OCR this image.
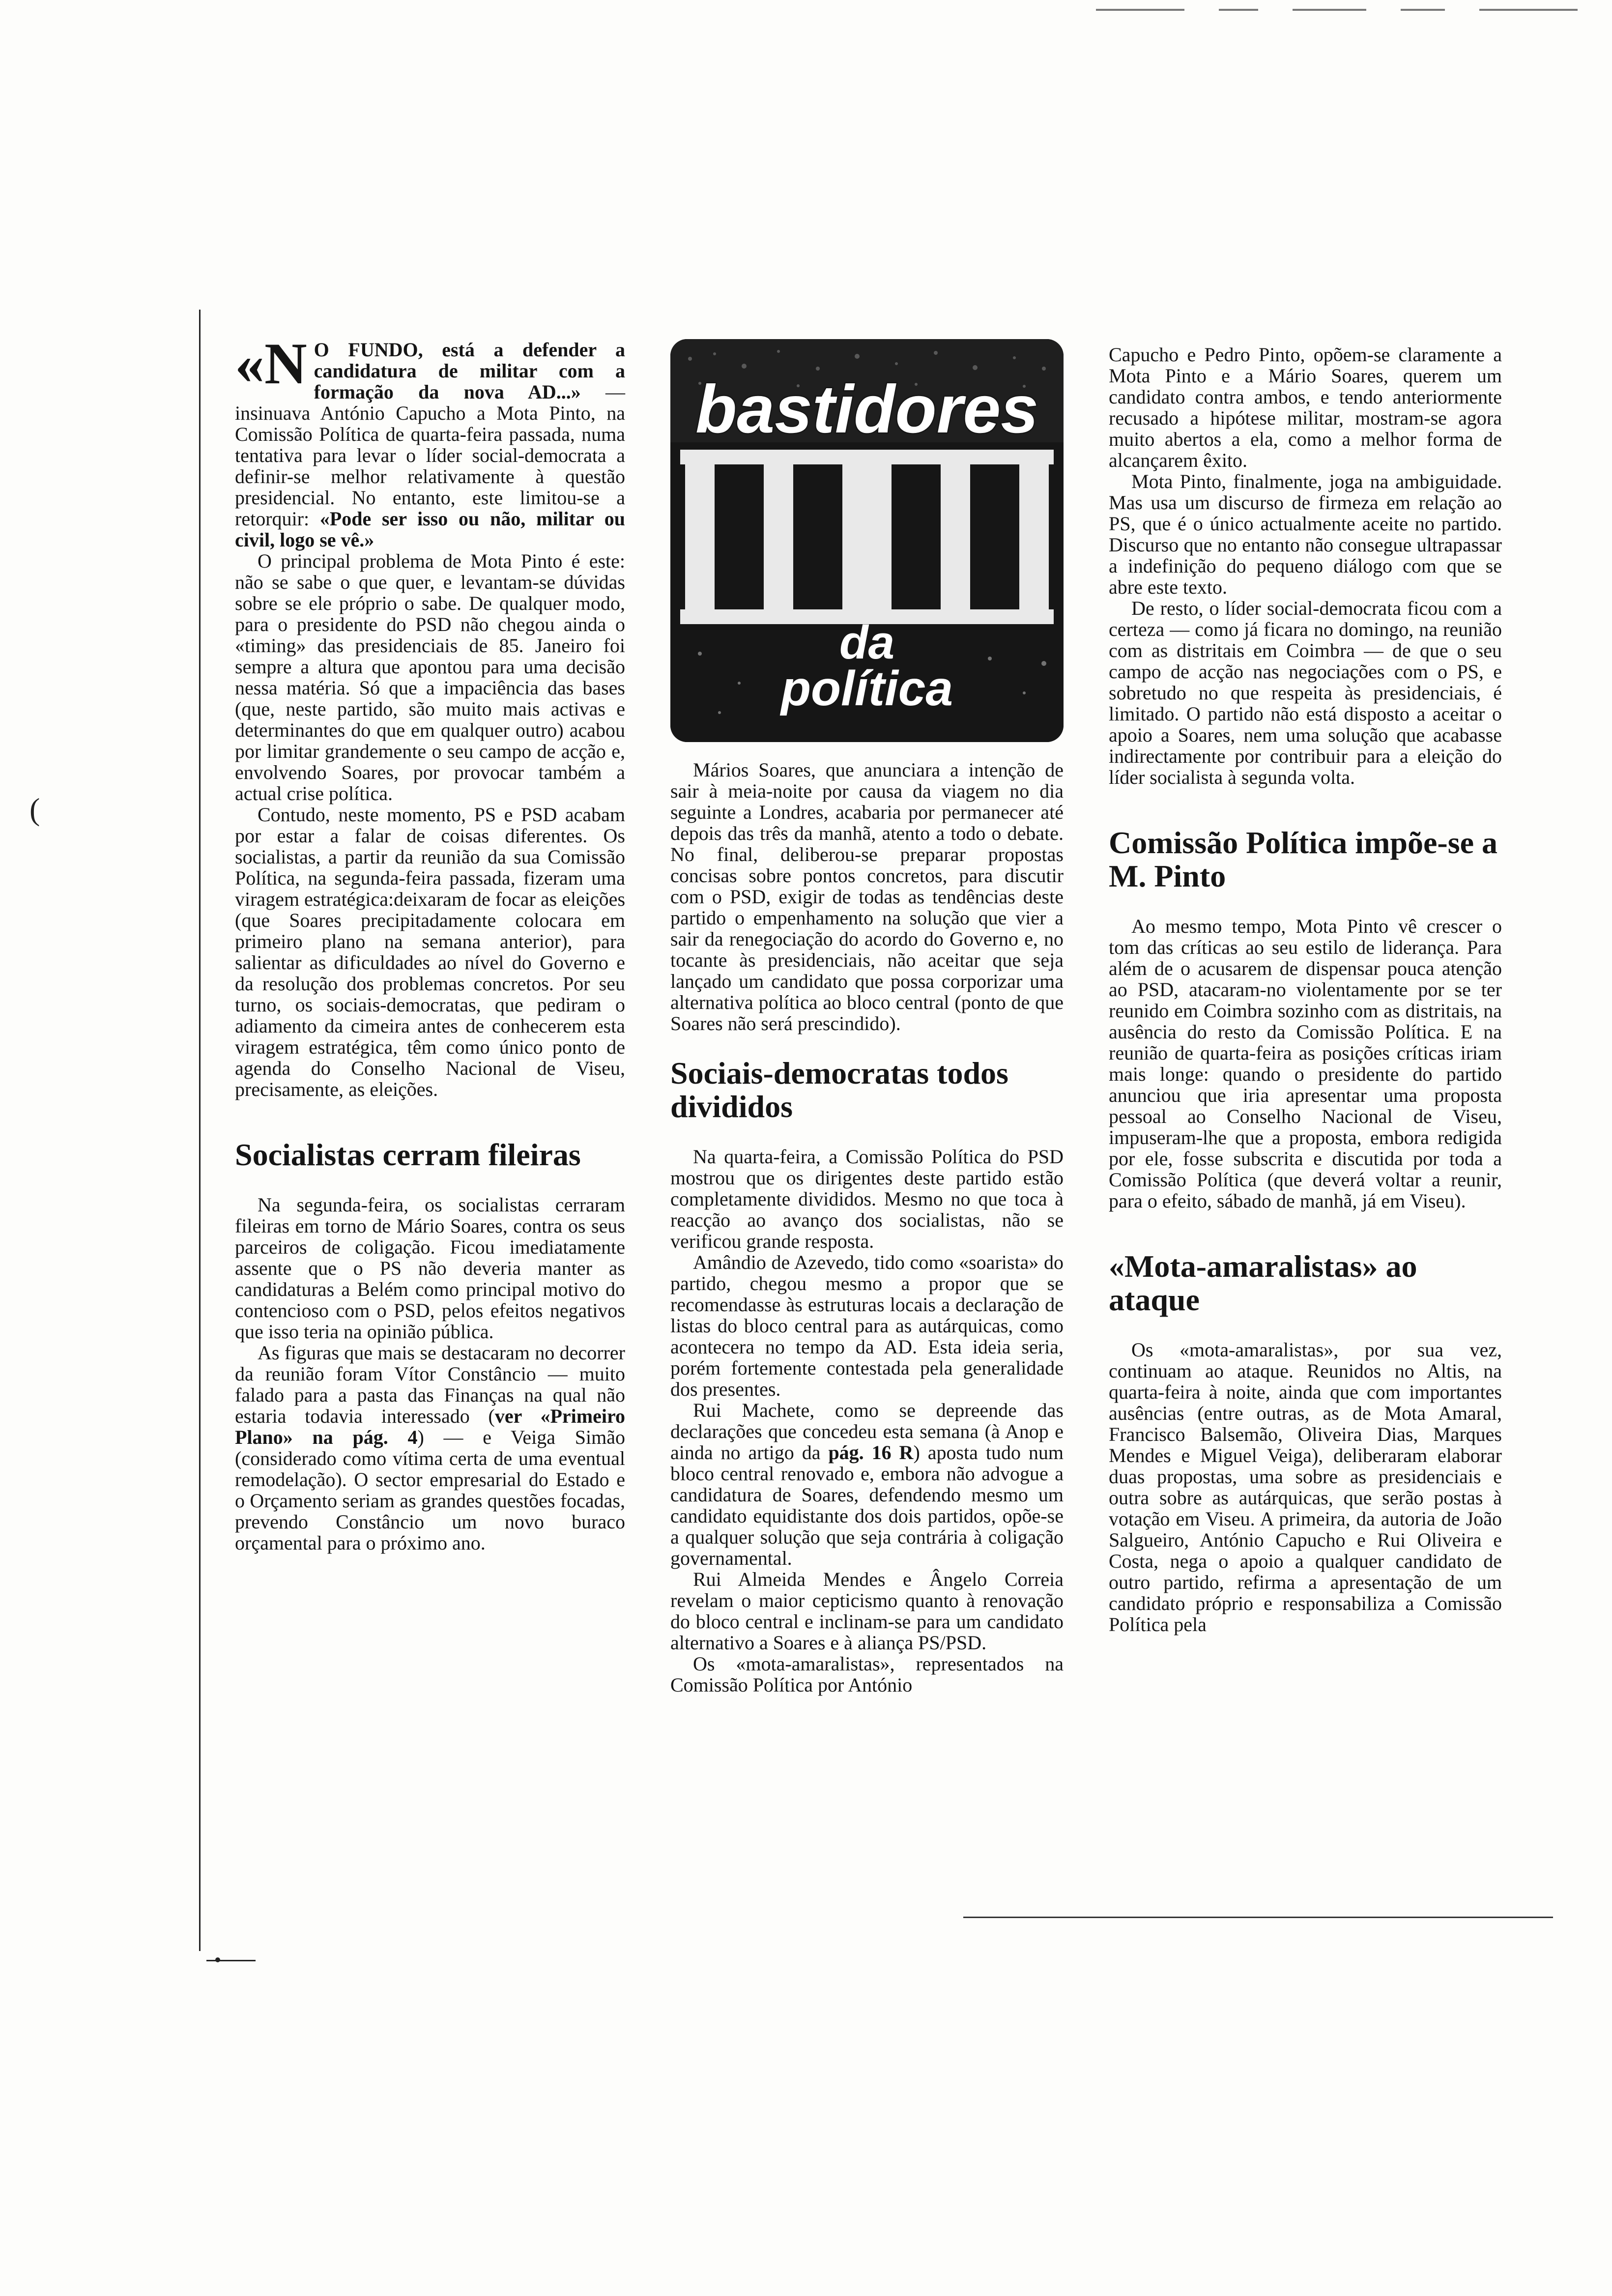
(

«N O FUNDO, está a defender a candidatura de militar com a formação da nova AD...» — insinuava António Capucho a Mota Pinto, na Comissão Política de quarta-feira passada, numa tentativa para levar o líder social-democrata a definir-se melhor relativamente à questão presidencial. No entanto, este limitou-se a retorquir: «Pode ser isso ou não, militar ou civil, logo se vê.»

O principal problema de Mota Pinto é este: não se sabe o que quer, e levantam-se dúvidas sobre se ele próprio o sabe. De qualquer modo, para o presidente do PSD não chegou ainda o «timing» das presidenciais de 85. Janeiro foi sempre a altura que apontou para uma decisão nessa matéria. Só que a impaciência das bases (que, neste partido, são muito mais activas e determinantes do que em qualquer outro) acabou por limitar grandemente o seu campo de acção e, envolvendo Soares, por provocar também a actual crise política.

Contudo, neste momento, PS e PSD acabam por estar a falar de coisas diferentes. Os socialistas, a partir da reunião da sua Comissão Política, na segunda-feira passada, fizeram uma viragem estratégica:deixaram de focar as eleições (que Soares precipitadamente colocara em primeiro plano na semana anterior), para salientar as dificuldades ao nível do Governo e da resolução dos problemas concretos. Por seu turno, os sociais-democratas, que pediram o adiamento da cimeira antes de conhecerem esta viragem estratégica, têm como único ponto de agenda do Conselho Nacional de Viseu, precisamente, as eleições.

Socialistas cerram fileiras

Na segunda-feira, os socialistas cerraram fileiras em torno de Mário Soares, contra os seus parceiros de coligação. Ficou imediatamente assente que o PS não deveria manter as candidaturas a Belém como principal motivo do contencioso com o PSD, pelos efeitos negativos que isso teria na opinião pública.

As figuras que mais se destacaram no decorrer da reunião foram Vítor Constâncio — muito falado para a pasta das Finanças na qual não estaria todavia interessado (ver «Primeiro Plano» na pág. 4) — e Veiga Simão (considerado como vítima certa de uma eventual remodelação). O sector empresarial do Estado e o Orçamento seriam as grandes questões focadas, prevendo Constâncio um novo buraco orçamental para o próximo ano.

bastidores
da
política

Mários Soares, que anunciara a intenção de sair à meia-noite por causa da viagem no dia seguinte a Londres, acabaria por permanecer até depois das três da manhã, atento a todo o debate. No final, deliberou-se preparar propostas concisas sobre pontos concretos, para discutir com o PSD, exigir de todas as tendências deste partido o empenhamento na solução que vier a sair da renegociação do acordo do Governo e, no tocante às presidenciais, não aceitar que seja lançado um candidato que possa corporizar uma alternativa política ao bloco central (ponto de que Soares não será prescindido).

Sociais-democratas todos divididos

Na quarta-feira, a Comissão Política do PSD mostrou que os dirigentes deste partido estão completamente divididos. Mesmo no que toca à reacção ao avanço dos socialistas, não se verificou grande resposta.

Amândio de Azevedo, tido como «soarista» do partido, chegou mesmo a propor que se recomendasse às estruturas locais a declaração de listas do bloco central para as autárquicas, como acontecera no tempo da AD. Esta ideia seria, porém fortemente contestada pela generalidade dos presentes.

Rui Machete, como se depreende das declarações que concedeu esta semana (à Anop e ainda no artigo da pág. 16 R) aposta tudo num bloco central renovado e, embora não advogue a candidatura de Soares, defendendo mesmo um candidato equidistante dos dois partidos, opõe-se a qualquer solução que seja contrária à coligação governamental.

Rui Almeida Mendes e Ângelo Correia revelam o maior cepticismo quanto à renovação do bloco central e inclinam-se para um candidato alternativo a Soares e à aliança PS/PSD.

Os «mota-amaralistas», representados na Comissão Política por António

Capucho e Pedro Pinto, opõem-se claramente a Mota Pinto e a Mário Soares, querem um candidato contra ambos, e tendo anteriormente recusado a hipótese militar, mostram-se agora muito abertos a ela, como a melhor forma de alcançarem êxito.

Mota Pinto, finalmente, joga na ambiguidade. Mas usa um discurso de firmeza em relação ao PS, que é o único actualmente aceite no partido. Discurso que no entanto não consegue ultrapassar a indefinição do pequeno diálogo com que se abre este texto.

De resto, o líder social-democrata ficou com a certeza — como já ficara no domingo, na reunião com as distritais em Coimbra — de que o seu campo de acção nas negociações com o PS, e sobretudo no que respeita às presidenciais, é limitado. O partido não está disposto a aceitar o apoio a Soares, nem uma solução que acabasse indirectamente por contribuir para a eleição do líder socialista à segunda volta.

Comissão Política impõe-se a M. Pinto

Ao mesmo tempo, Mota Pinto vê crescer o tom das críticas ao seu estilo de liderança. Para além de o acusarem de dispensar pouca atenção ao PSD, atacaram-no violentamente por se ter reunido em Coimbra sozinho com as distritais, na ausência do resto da Comissão Política. E na reunião de quarta-feira as posições críticas iriam mais longe: quando o presidente do partido anunciou que iria apresentar uma proposta pessoal ao Conselho Nacional de Viseu, impuseram-lhe que a proposta, embora redigida por ele, fosse subscrita e discutida por toda a Comissão Política (que deverá voltar a reunir, para o efeito, sábado de manhã, já em Viseu).

«Mota-amaralistas» ao ataque

Os «mota-amaralistas», por sua vez, continuam ao ataque. Reunidos no Altis, na quarta-feira à noite, ainda que com importantes ausências (entre outras, as de Mota Amaral, Francisco Balsemão, Oliveira Dias, Marques Mendes e Miguel Veiga), deliberaram elaborar duas propostas, uma sobre as presidenciais e outra sobre as autárquicas, que serão postas à votação em Viseu. A primeira, da autoria de João Salgueiro, António Capucho e Rui Oliveira e Costa, nega o apoio a qualquer candidato de outro partido, refirma a apresentação de um candidato próprio e responsabiliza a Comissão Política pela
